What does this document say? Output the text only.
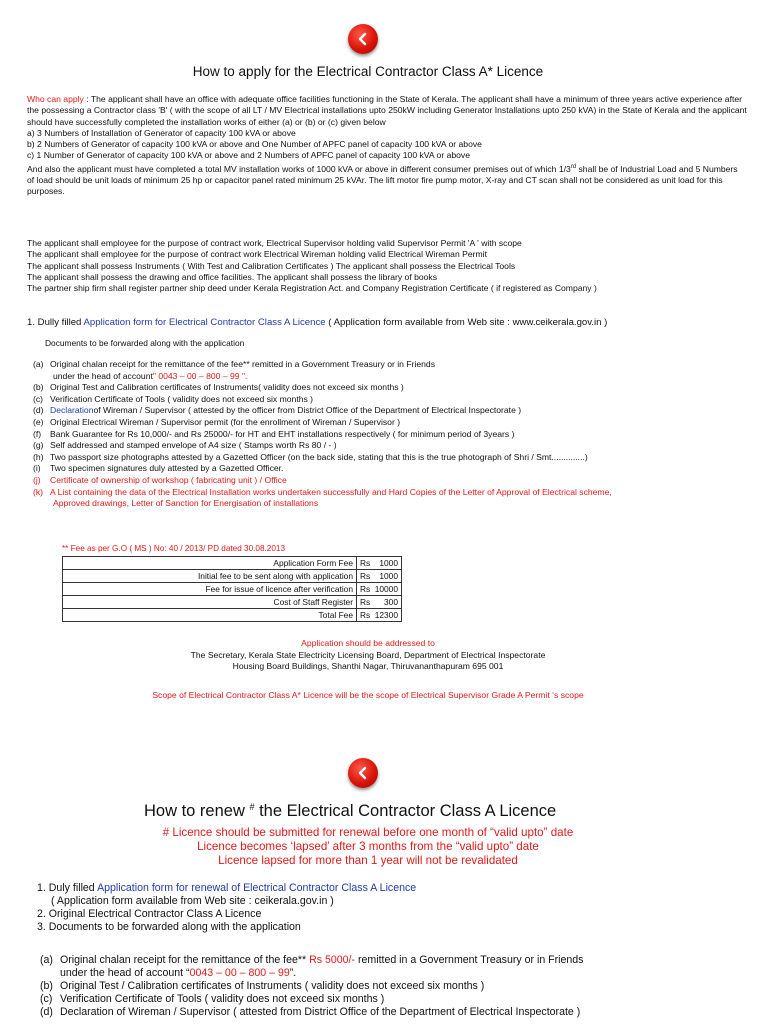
How to apply for the Electrical Contractor Class A* Licence
Who can apply : The applicant shall have an office with adequate office facilities functioning in the State of Kerala. The applicant shall have a minimum of three years active experience after the possessing a Contractor class 'B' ( with the scope of all LT / MV Electrical installations upto 250kW including Generator Installations upto 250 kVA) in the State of Kerala and the applicant should have successfully completed the installation works of either (a) or (b) or (c) given below
a) 3 Numbers of Installation of Generator of capacity 100 kVA or above
b) 2 Numbers of Generator of capacity 100 kVA or above and One Number of APFC panel of capacity 100 kVA or above
c) 1 Number of Generator of capacity 100 kVA or above and 2 Numbers of APFC panel of capacity 100 kVA or above
And also the applicant must have completed a total MV installation works of 1000 kVA or above in different consumer premises out of which 1/3rd shall be of Industrial Load and 5 Numbers of load should be unit loads of minimum 25 hp or capacitor panel rated minimum 25 kVAr. The lift motor fire pump motor, X-ray and CT scan shall not be considered as unit load for this purposes.
The applicant shall employee for the purpose of contract work, Electrical Supervisor holding valid Supervisor Permit 'A ' with scope
The applicant shall employee for the purpose of contract work Electrical Wireman holding valid Electrical Wireman Permit
The applicant shall possess Instruments ( With Test and Calibration Certificates ) The applicant shall possess the Electrical Tools
The applicant shall possess the drawing and office facilities. The applicant shall possess the library of books
The partner ship firm shall register partner ship deed under Kerala Registration Act. and Company Registration Certificate ( if registered as Company )
1. Dully filled Application form for Electrical Contractor Class A Licence ( Application form available from Web site : www.ceikerala.gov.in )
Documents to be forwarded along with the application
(a) Original chalan receipt for the remittance of the fee** remitted in a Government Treasury or in Friends
under the head of account " 0043 – 00 – 800 – 99 ".
(b) Original Test and Calibration certificates of Instruments( validity does not exceed six months )
(c) Verification Certificate of Tools ( validity does not exceed six months )
(d) Declaration of Wireman / Supervisor ( attested by the officer from District Office of the Department of Electrical Inspectorate )
(e) Original Electrical Wireman / Supervisor permit (for the enrollment of Wireman / Supervisor )
(f)	Bank Guarantee for Rs 10,000/- and Rs 25000/- for HT and EHT installations respectively ( for minimum period of 3years )
(g) Self addressed and stamped envelope of A4 size ( Stamps worth Rs 80 / - )
(h) Two passport size photographs attested by a Gazetted Officer (on the back side, stating that this is the true photograph of Shri / Smt..............)
(i)	Two specimen signatures duly attested by a Gazetted Officer.
(j)	Certificate of ownership of workshop ( fabricating unit ) / Office
(k) A List containing the data of the Electrical Installation works undertaken successfully and Hard Copies of the Letter of Approval of Electrical scheme,
Approved drawings, Letter of Sanction for Energisation of installations
** Fee as per G.O ( MS ) No: 40 / 2013/ PD dated 30.08.2013
Application Form Fee	Rs 1000

Initial fee to be sent along with application	Rs 1000

Fee for issue of licence after verification	Rs 10000

Cost of Staff Register	Rs 300

Total Fee	Rs 12300
Application should be addressed to
The Secretary, Kerala State Electricity Licensing Board, Department of Electrical Inspectorate
Housing Board Buildings, Shanthi Nagar, Thiruvananthapuram 695 001
Scope of Electrical Contractor Class A* Licence will be the scope of Electrical Supervisor Grade A Permit ‘s scope
How to renew # the Electrical Contractor Class A Licence
# Licence should be submitted for renewal before one month of “valid upto” date
Licence becomes ‘lapsed’ after 3 months from the “valid upto” date
Licence lapsed for more than 1 year will not be revalidated
1. Duly filled Application form for renewal of Electrical Contractor Class A Licence
( Application form available from Web site : ceikerala.gov.in )
2. Original Electrical Contractor Class A Licence
3. Documents to be forwarded along with the application
(a) Original chalan receipt for the remittance of the fee** Rs 5000/- remitted in a Government Treasury or in Friends
under the head of account “ 0043 – 00 – 800 – 99 ”.
(b) Original Test / Calibration certificates of Instruments ( validity does not exceed six months )
(c) Verification Certificate of Tools ( validity does not exceed six months )
(d) Declaration of Wireman / Supervisor ( attested from District Office of the Department of Electrical Inspectorate )
